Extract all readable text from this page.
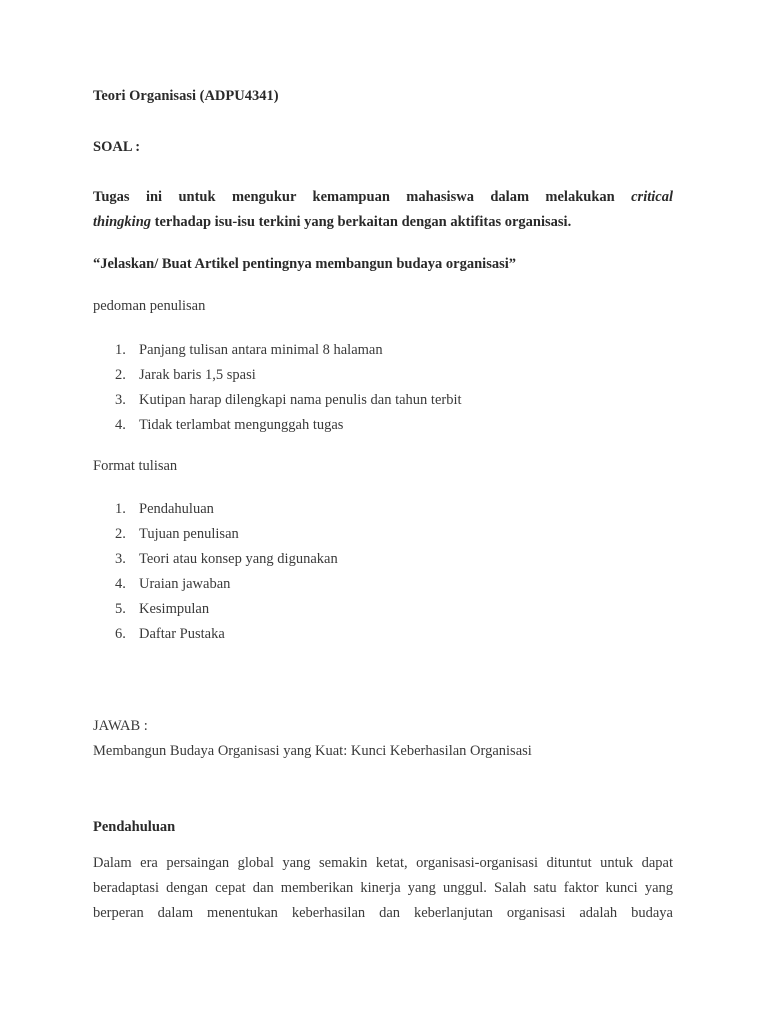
Teori Organisasi (ADPU4341)
SOAL :
Tugas ini untuk mengukur kemampuan mahasiswa dalam melakukan critical
thingking terhadap isu-isu terkini yang berkaitan dengan aktifitas organisasi.
“Jelaskan/ Buat Artikel pentingnya membangun budaya organisasi”
pedoman penulisan
1. Panjang tulisan antara minimal 8 halaman
2. Jarak baris 1,5 spasi
3. Kutipan harap dilengkapi nama penulis dan tahun terbit
4. Tidak terlambat mengunggah tugas
Format tulisan
1. Pendahuluan
2. Tujuan penulisan
3. Teori atau konsep yang digunakan
4. Uraian jawaban
5. Kesimpulan
6. Daftar Pustaka
JAWAB :
Membangun Budaya Organisasi yang Kuat: Kunci Keberhasilan Organisasi
Pendahuluan
Dalam era persaingan global yang semakin ketat, organisasi-organisasi dituntut untuk dapat
beradaptasi dengan cepat dan memberikan kinerja yang unggul. Salah satu faktor kunci yang
berperan dalam menentukan keberhasilan dan keberlanjutan organisasi adalah budaya
